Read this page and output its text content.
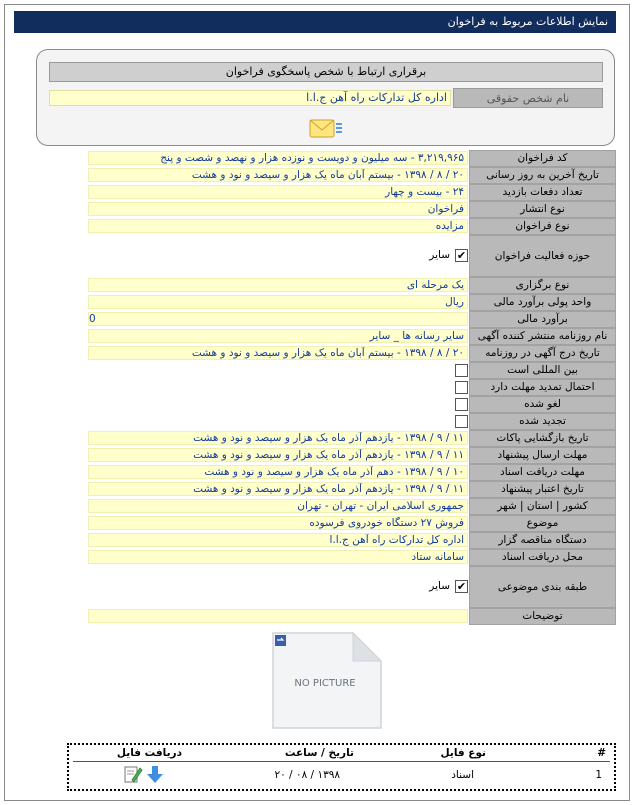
نمایش اطلاعات مربوط به فراخوان
برقراری ارتباط با شخص پاسخگوی فراخوان
نام شخص حقوقی
اداره کل تدارکات راه آهن ج.ا.ا
کد فراخوان
۳,۲۱۹,۹۶۵ - سه میلیون و دویست و نوزده هزار و نهصد و شصت و پنج
تاریخ آخرین به روز رسانی
۲۰ / ۸ / ۱۳۹۸ - بیستم آبان ماه یک هزار و سیصد و نود و هشت
تعداد دفعات بازدید
۲۴ - بیست و چهار
نوع انتشار
فراخوان
نوع فراخوان
مزایده
حوزه فعالیت فراخوان
✔
سایر
نوع برگزاری
یک مرحله ای
واحد پولی برآورد مالی
ریال
برآورد مالی
0
نام روزنامه منتشر کننده آگهی
سایر رسانه ها _ سایر
تاریخ درج آگهی در روزنامه
۲۰ / ۸ / ۱۳۹۸ - بیستم آبان ماه یک هزار و سیصد و نود و هشت
بین المللی است
احتمال تمدید مهلت دارد
لغو شده
تجدید شده
تاریخ بازگشایی پاکات
۱۱ / ۹ / ۱۳۹۸ - یازدهم آذر ماه یک هزار و سیصد و نود و هشت
مهلت ارسال پیشنهاد
۱۱ / ۹ / ۱۳۹۸ - یازدهم آذر ماه یک هزار و سیصد و نود و هشت
مهلت دریافت اسناد
۱۰ / ۹ / ۱۳۹۸ - دهم آذر ماه یک هزار و سیصد و نود و هشت
تاریخ اعتبار پیشنهاد
۱۱ / ۹ / ۱۳۹۸ - یازدهم آذر ماه یک هزار و سیصد و نود و هشت
کشور | استان | شهر
جمهوری اسلامی ایران - تهران - تهران
موضوع
فروش ۲۷ دستگاه خودروی فرسوده
دستگاه مناقصه گزار
اداره کل تدارکات راه آهن ج.ا.ا
محل دریافت اسناد
سامانه ستاد
طبقه بندی موضوعی
✔
سایر
توضیحات
NO PICTURE
#
نوع فایل
تاریخ / ساعت
دریافت فایل
1
اسناد
۱۳۹۸ / ۰۸ / ۲۰
